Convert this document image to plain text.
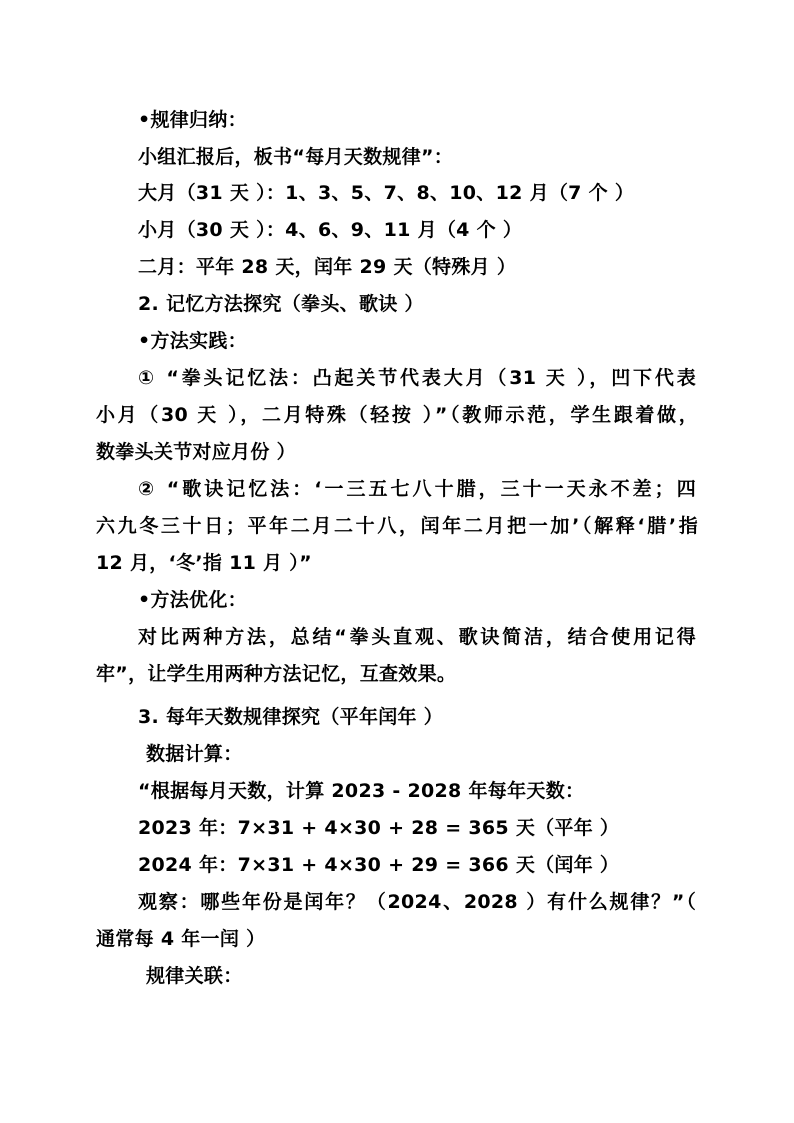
•规律归纳：
小组汇报后，板书“每月天数规律”：
大月（31 天 ）：1、3、5、7、8、10、12 月（7 个 ）
小月（30 天 ）：4、6、9、11 月（4 个 ）
二月：平年 28 天，闰年 29 天（特殊月 ）
2. 记忆方法探究（拳头、歌诀 ）
•方法实践：
① “拳头记忆法：凸起关节代表大月（31 天 ），凹下代表
小月（30 天 ），二月特殊（轻按 ）”（教师示范，学生跟着做，
数拳头关节对应月份 ）
② “歌诀记忆法：‘一三五七八十腊，三十一天永不差；四
六九冬三十日；平年二月二十八，闰年二月把一加’（解释‘腊’指
12 月，‘冬’指 11 月 ）”
•方法优化：
对比两种方法，总结“拳头直观、歌诀简洁，结合使用记得
牢”，让学生用两种方法记忆，互查效果。
3. 每年天数规律探究（平年闰年 ）
数据计算：
“根据每月天数，计算 2023 - 2028 年每年天数：
2023 年：7×31 + 4×30 + 28 = 365 天（平年 ）
2024 年：7×31 + 4×30 + 29 = 366 天（闰年 ）
观察：哪些年份是闰年？（2024、2028 ）有什么规律？”（
通常每 4 年一闰 ）
规律关联：
